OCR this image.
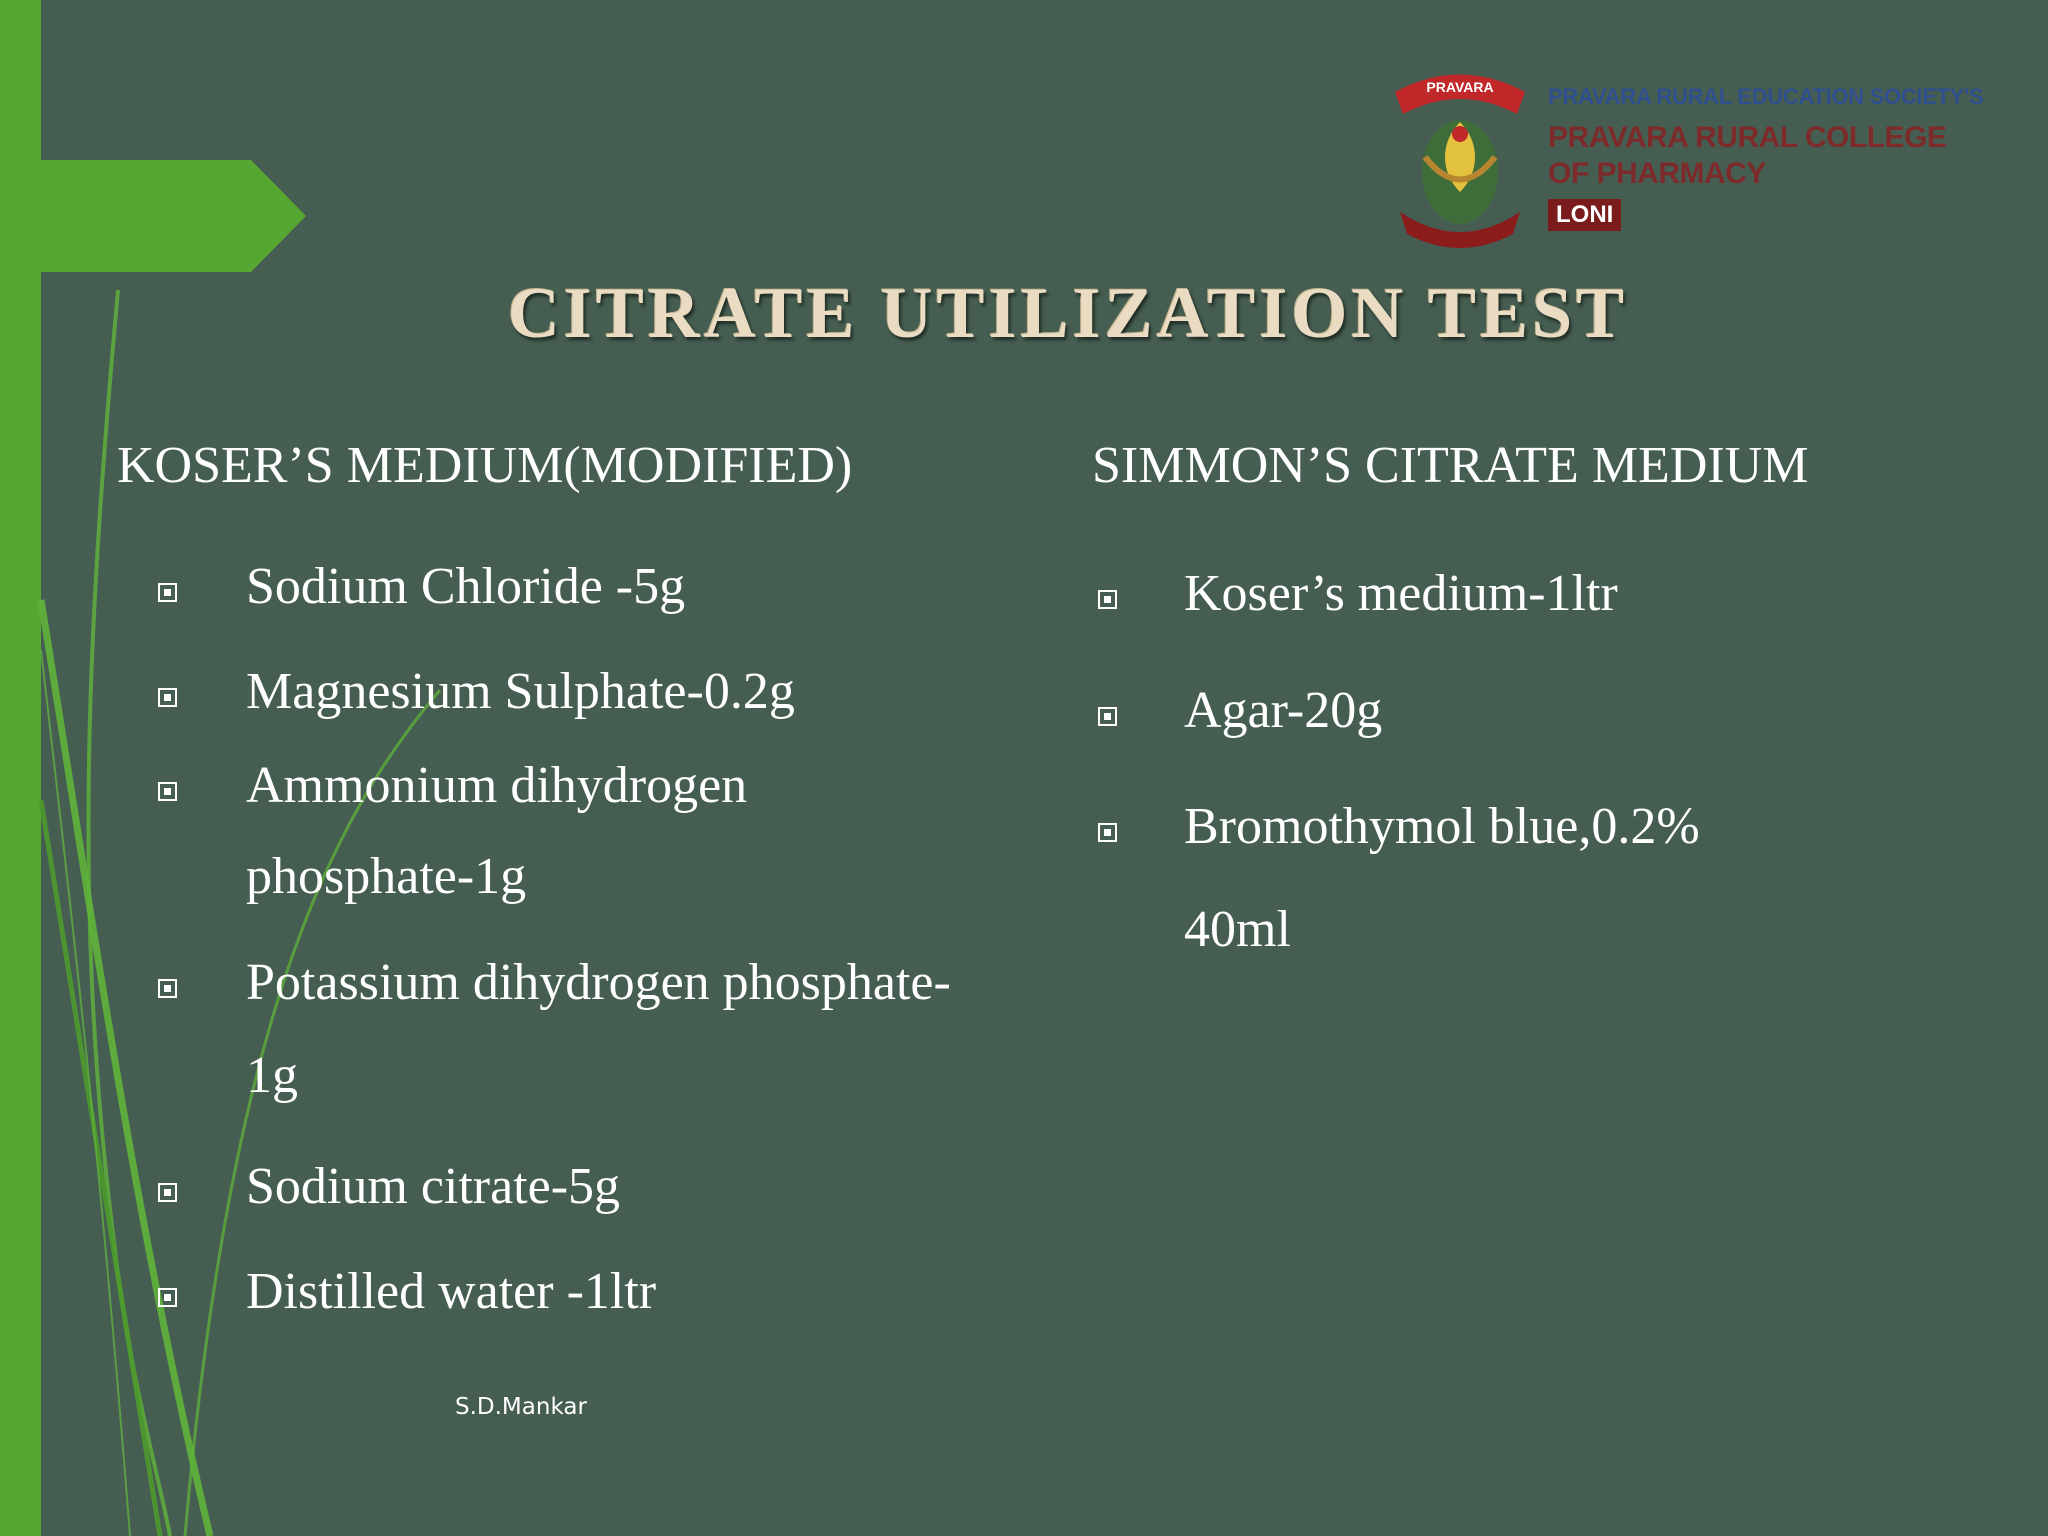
PRAVARA PRAVARA RURAL EDUCATION SOCIETY'S
PRAVARA RURAL COLLEGE
OF PHARMACY
LONI
CITRATE UTILIZATION TEST
KOSER’S MEDIUM(MODIFIED)
Sodium Chloride -5g
Magnesium Sulphate-0.2g
Ammonium dihydrogen
phosphate-1g
Potassium dihydrogen phosphate-
1g
Sodium citrate-5g
Distilled water -1ltr
SIMMON’S CITRATE MEDIUM
Koser’s medium-1ltr
Agar-20g
Bromothymol blue,0.2%
40ml
S.D.Mankar
